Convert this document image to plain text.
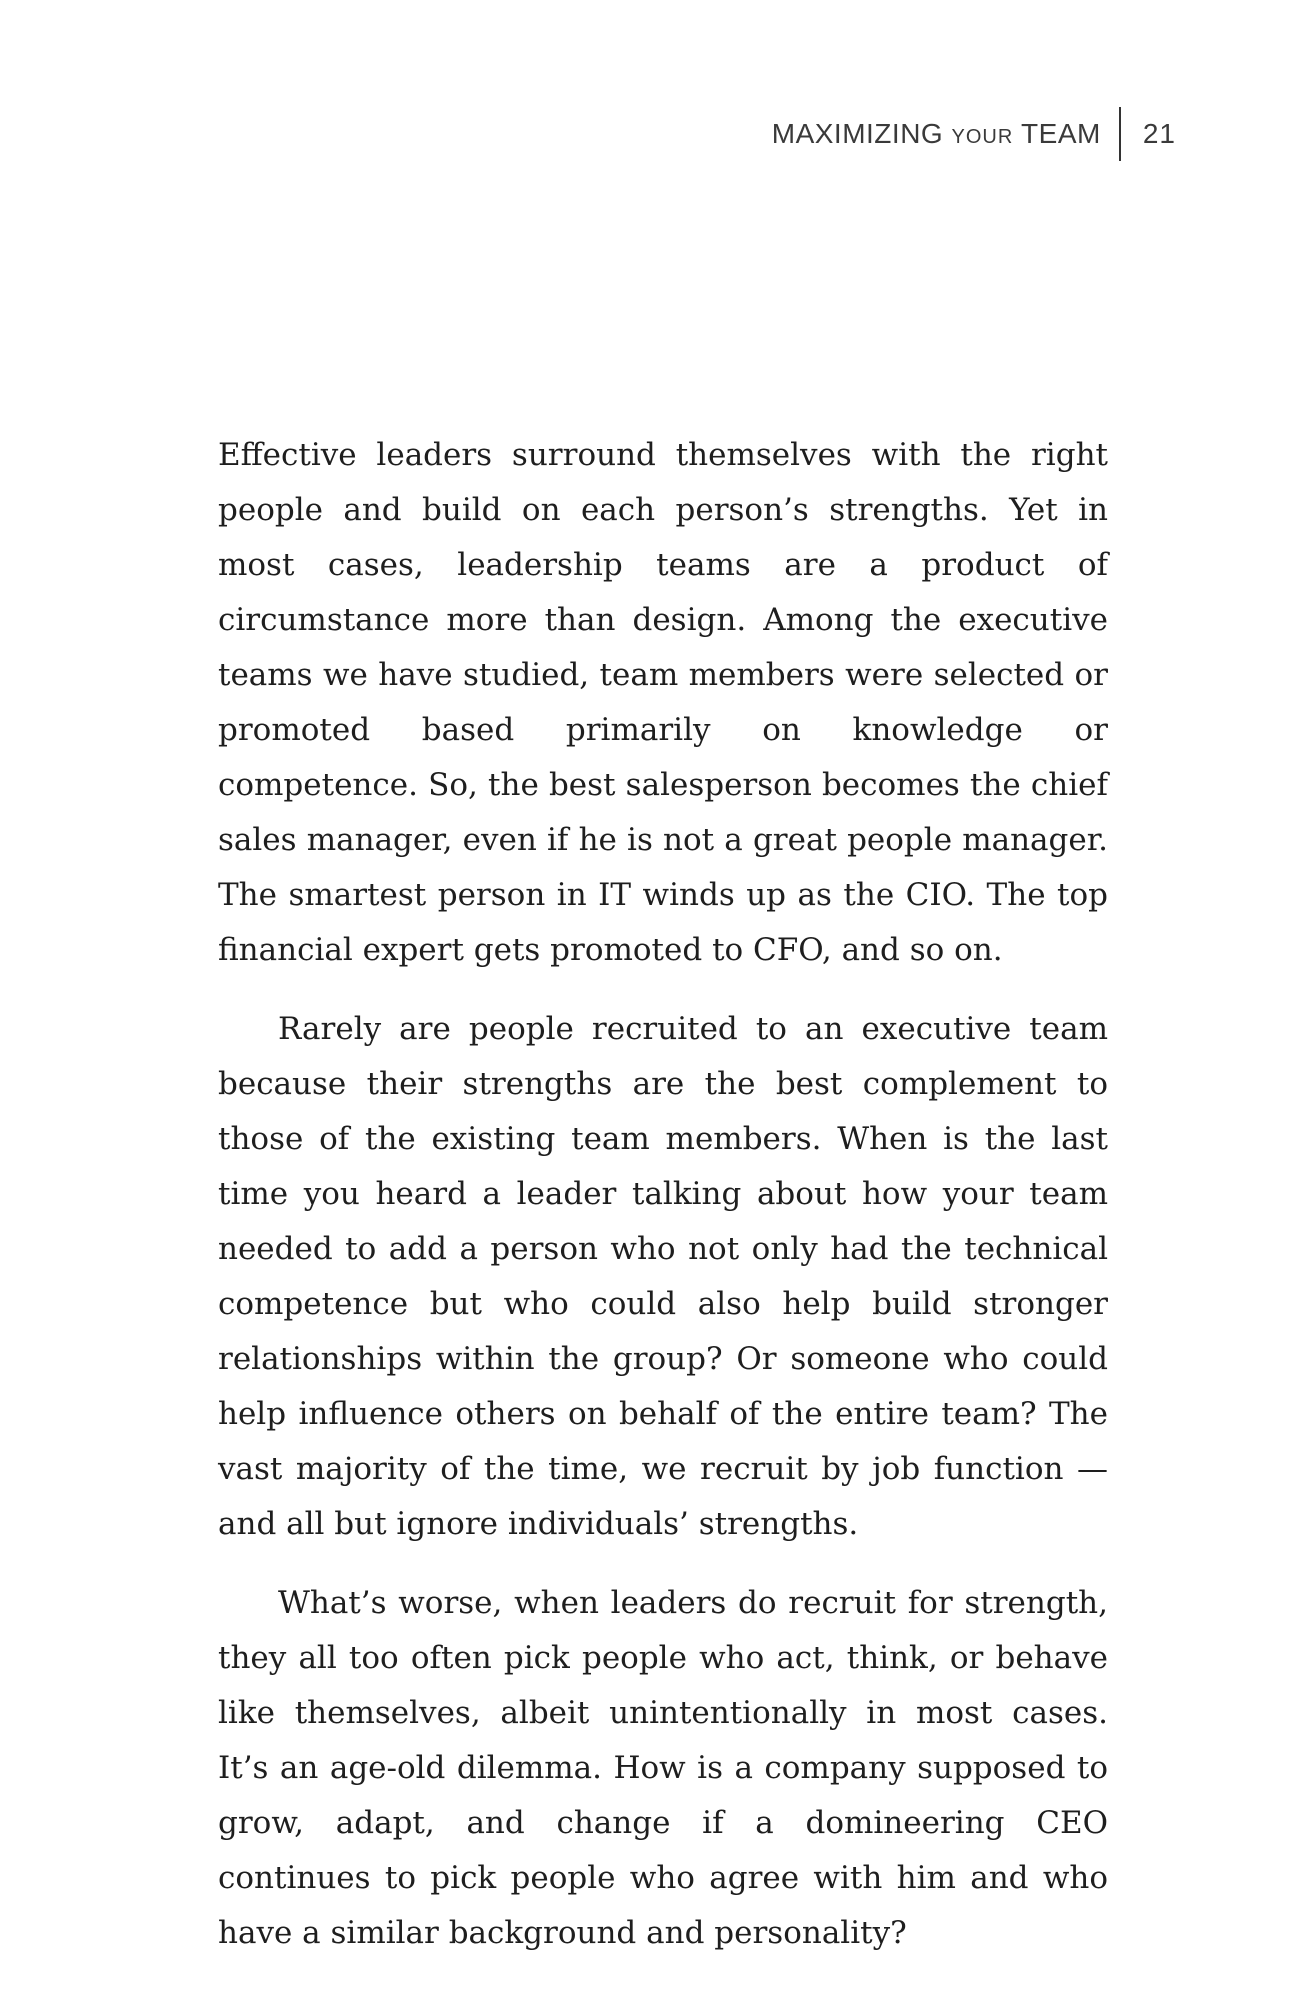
MAXIMIZING YOUR TEAM 21

Effective leaders surround themselves with the right people and build on each person’s strengths. Yet in most cases, leadership teams are a product of circumstance more than design. Among the executive teams we have studied, team members were selected or promoted based primarily on knowledge or competence. So, the best salesperson becomes the chief sales manager, even if he is not a great people manager. The smartest person in IT winds up as the CIO. The top financial expert gets promoted to CFO, and so on.

Rarely are people recruited to an executive team because their strengths are the best complement to those of the existing team members. When is the last time you heard a leader talking about how your team needed to add a person who not only had the technical competence but who could also help build stronger relationships within the group? Or someone who could help influence others on behalf of the entire team? The vast majority of the time, we recruit by job function — and all but ignore individuals’ strengths.

What’s worse, when leaders do recruit for strength, they all too often pick people who act, think, or behave like themselves, albeit unintentionally in most cases. It’s an age-old dilemma. How is a company supposed to grow, adapt, and change if a domineering CEO continues to pick people who agree with him and who have a similar background and personality?
